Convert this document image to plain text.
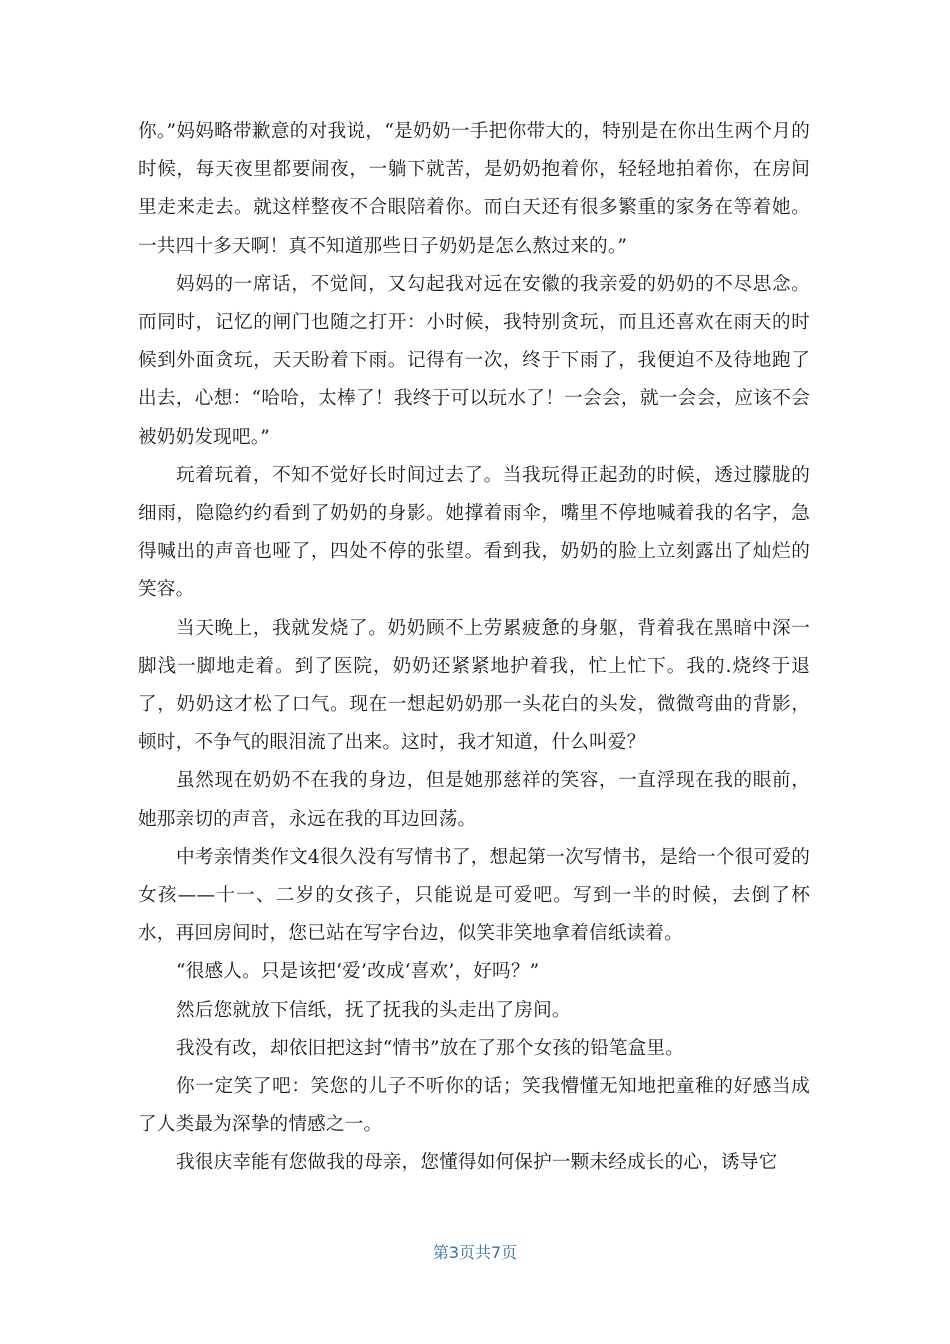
你。”妈妈略带歉意的对我说，“是奶奶一手把你带大的，特别是在你出生两个月的时候，每天夜里都要闹夜，一躺下就苦，是奶奶抱着你，轻轻地拍着你，在房间里走来走去。就这样整夜不合眼陪着你。而白天还有很多繁重的家务在等着她。一共四十多天啊！真不知道那些日子奶奶是怎么熬过来的。”

妈妈的一席话，不觉间，又勾起我对远在安徽的我亲爱的奶奶的不尽思念。而同时，记忆的闸门也随之打开：小时候，我特别贪玩，而且还喜欢在雨天的时候到外面贪玩，天天盼着下雨。记得有一次，终于下雨了，我便迫不及待地跑了出去，心想：“哈哈，太棒了！我终于可以玩水了！一会会，就一会会，应该不会被奶奶发现吧。”

玩着玩着，不知不觉好长时间过去了。当我玩得正起劲的时候，透过朦胧的细雨，隐隐约约看到了奶奶的身影。她撑着雨伞，嘴里不停地喊着我的名字，急得喊出的声音也哑了，四处不停的张望。看到我，奶奶的脸上立刻露出了灿烂的笑容。

当天晚上，我就发烧了。奶奶顾不上劳累疲惫的身躯，背着我在黑暗中深一脚浅一脚地走着。到了医院，奶奶还紧紧地护着我，忙上忙下。我的.烧终于退了，奶奶这才松了口气。现在一想起奶奶那一头花白的头发，微微弯曲的背影，顿时，不争气的眼泪流了出来。这时，我才知道，什么叫爱？

虽然现在奶奶不在我的身边，但是她那慈祥的笑容，一直浮现在我的眼前，她那亲切的声音，永远在我的耳边回荡。

中考亲情类作文4很久没有写情书了，想起第一次写情书，是给一个很可爱的女孩——十一、二岁的女孩子，只能说是可爱吧。写到一半的时候，去倒了杯水，再回房间时，您已站在写字台边，似笑非笑地拿着信纸读着。

“很感人。只是该把‘爱’改成‘喜欢’，好吗？”

然后您就放下信纸，抚了抚我的头走出了房间。

我没有改，却依旧把这封“情书”放在了那个女孩的铅笔盒里。

你一定笑了吧：笑您的儿子不听你的话；笑我懵懂无知地把童稚的好感当成了人类最为深挚的情感之一。

我很庆幸能有您做我的母亲，您懂得如何保护一颗未经成长的心，诱导它

第3页共7页
